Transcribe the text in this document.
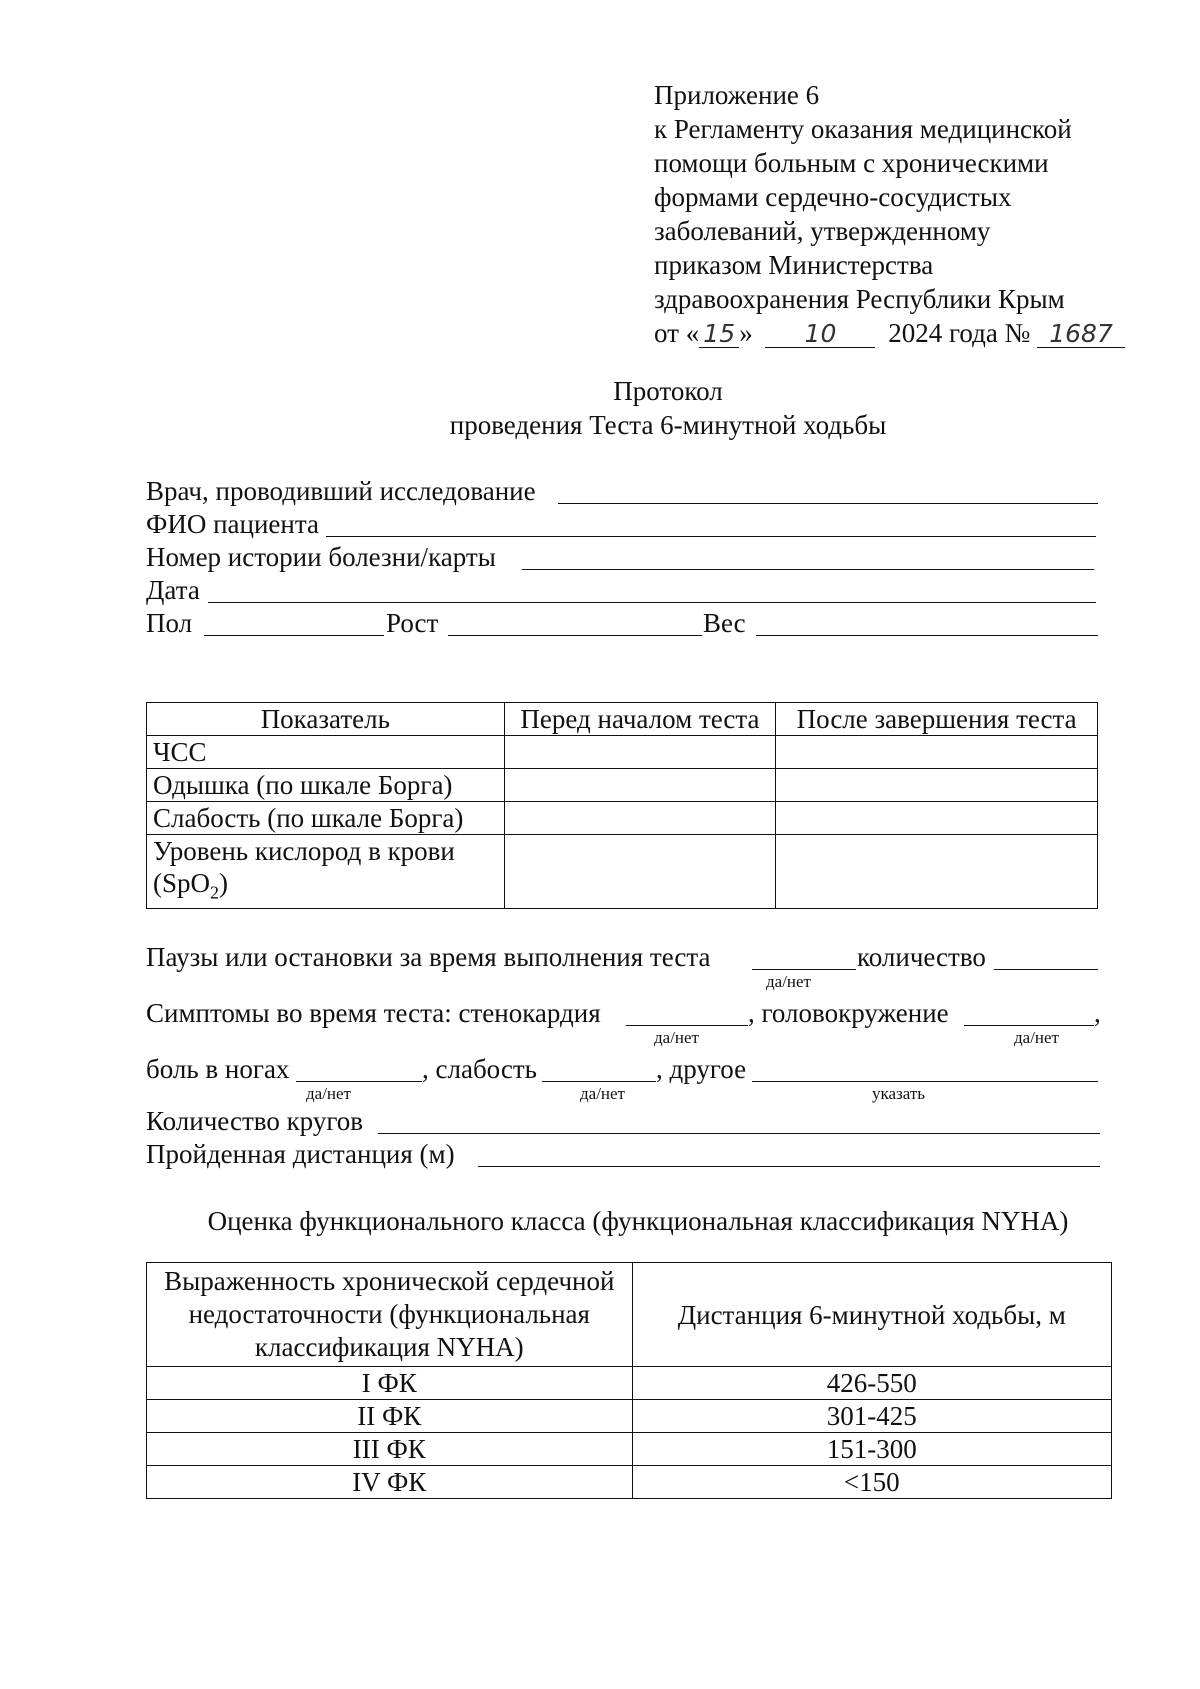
Приложение 6
к Регламенту оказания медицинской
помощи больным с хроническими
формами сердечно-сосудистых
заболеваний, утвержденному
приказом Министерства
здравоохранения Республики Крым
от « 15 » 10 2024 года № 1687
Протокол
проведения Теста 6-минутной ходьбы
Врач, проводивший исследование
ФИО пациента
Номер истории болезни/карты
Дата
Пол	Рост	Вес
Показатель	Перед началом теста	После завершения теста
ЧСС		
Одышка (по шкале Борга)		
Слабость (по шкале Борга)		

Уровень кислород в крови
(SpO$_2$)		

Паузы или остановки за время выполнения теста
да/нет
количество
Симптомы во время теста: стенокардия
да/нет
, головокружение	,
да/нет
боль в ногах
да/нет
, слабость
да/нет
, другое
указать
Количество кругов
Пройденная дистанция (м)
Оценка функционального класса (функциональная классификация NYHA)
Выраженность хронической сердечной
недостаточности (функциональная
классификация NYHA)	Дистанция 6-минутной ходьбы, м
I ФК	426-550
II ФК	301-425
III ФК	151-300
IV ФК	<150
